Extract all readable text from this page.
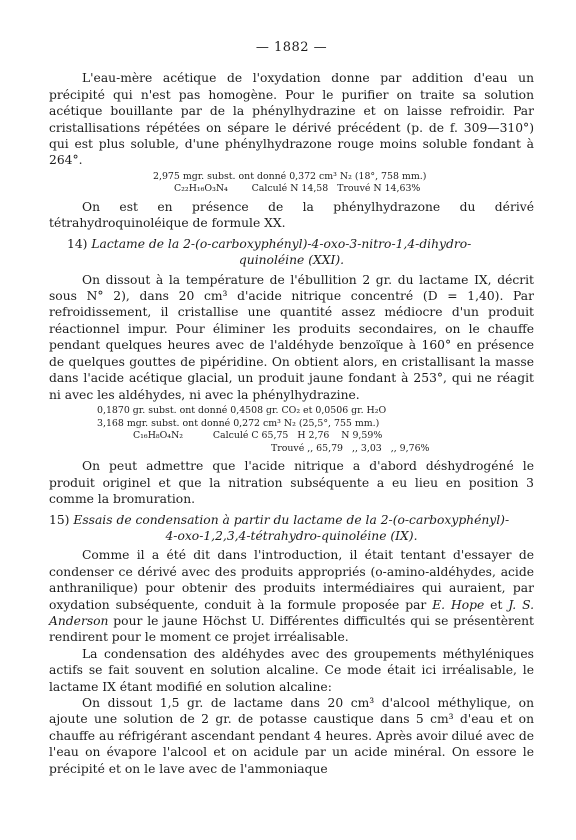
— 1882 —

L'eau-mère acétique de l'oxydation donne par addition d'eau un précipité qui n'est pas homogène. Pour le purifier on traite sa solution acétique bouillante par de la phénylhydrazine et on laisse refroidir. Par cristallisations répétées on sépare le dérivé précédent (p. de f. 309—310°) qui est plus soluble, d'une phénylhydrazone rouge moins soluble fondant à 264°.

2,975 mgr. subst. ont donné 0,372 cm³ N₂ (18°, 758 mm.)
C₂₂H₁₆O₃N₄        Calculé N 14,58   Trouvé N 14,63%

On est en présence de la phénylhydrazone du dérivé tétrahydroquinoléique de formule XX.

14) Lactame de la 2-(o-carboxyphényl)-4-oxo-3-nitro-1,4-dihydro-
quinoléine (XXI).

On dissout à la température de l'ébullition 2 gr. du lactame IX, décrit sous N° 2), dans 20 cm³ d'acide nitrique concentré (D = 1,40). Par refroidissement, il cristallise une quantité assez médiocre d'un produit réactionnel impur. Pour éliminer les produits secondaires, on le chauffe pendant quelques heures avec de l'aldéhyde benzoïque à 160° en présence de quelques gouttes de pipéridine. On obtient alors, en cristallisant la masse dans l'acide acétique glacial, un produit jaune fondant à 253°, qui ne réagit ni avec les aldéhydes, ni avec la phénylhydrazine.

0,1870 gr. subst. ont donné 0,4508 gr. CO₂ et 0,0506 gr. H₂O
3,168 mgr. subst. ont donné 0,272 cm³ N₂ (25,5°, 755 mm.)
C₁₆H₈O₄N₂          Calculé C 65,75   H 2,76    N 9,59%
Trouvé ,, 65,79   ,, 3,03   ,, 9,76%

On peut admettre que l'acide nitrique a d'abord déshydrogéné le produit originel et que la nitration subséquente a eu lieu en position 3 comme la bromuration.

15) Essais de condensation à partir du lactame de la 2-(o-carboxyphényl)-
4-oxo-1,2,3,4-tétrahydro-quinoléine (IX).

Comme il a été dit dans l'introduction, il était tentant d'essayer de condenser ce dérivé avec des produits appropriés (o-amino-aldéhydes, acide anthranilique) pour obtenir des produits intermédiaires qui auraient, par oxydation subséquente, conduit à la formule proposée par E. Hope et J. S. Anderson pour le jaune Höchst U. Différentes difficultés qui se présentèrent rendirent pour le moment ce projet irréalisable.

La condensation des aldéhydes avec des groupements méthyléniques actifs se fait souvent en solution alcaline. Ce mode était ici irréalisable, le lactame IX étant modifié en solution alcaline:

On dissout 1,5 gr. de lactame dans 20 cm³ d'alcool méthylique, on ajoute une solution de 2 gr. de potasse caustique dans 5 cm³ d'eau et on chauffe au réfrigérant ascendant pendant 4 heures. Après avoir dilué avec de l'eau on évapore l'alcool et on acidule par un acide minéral. On essore le précipité et on le lave avec de l'ammoniaque
